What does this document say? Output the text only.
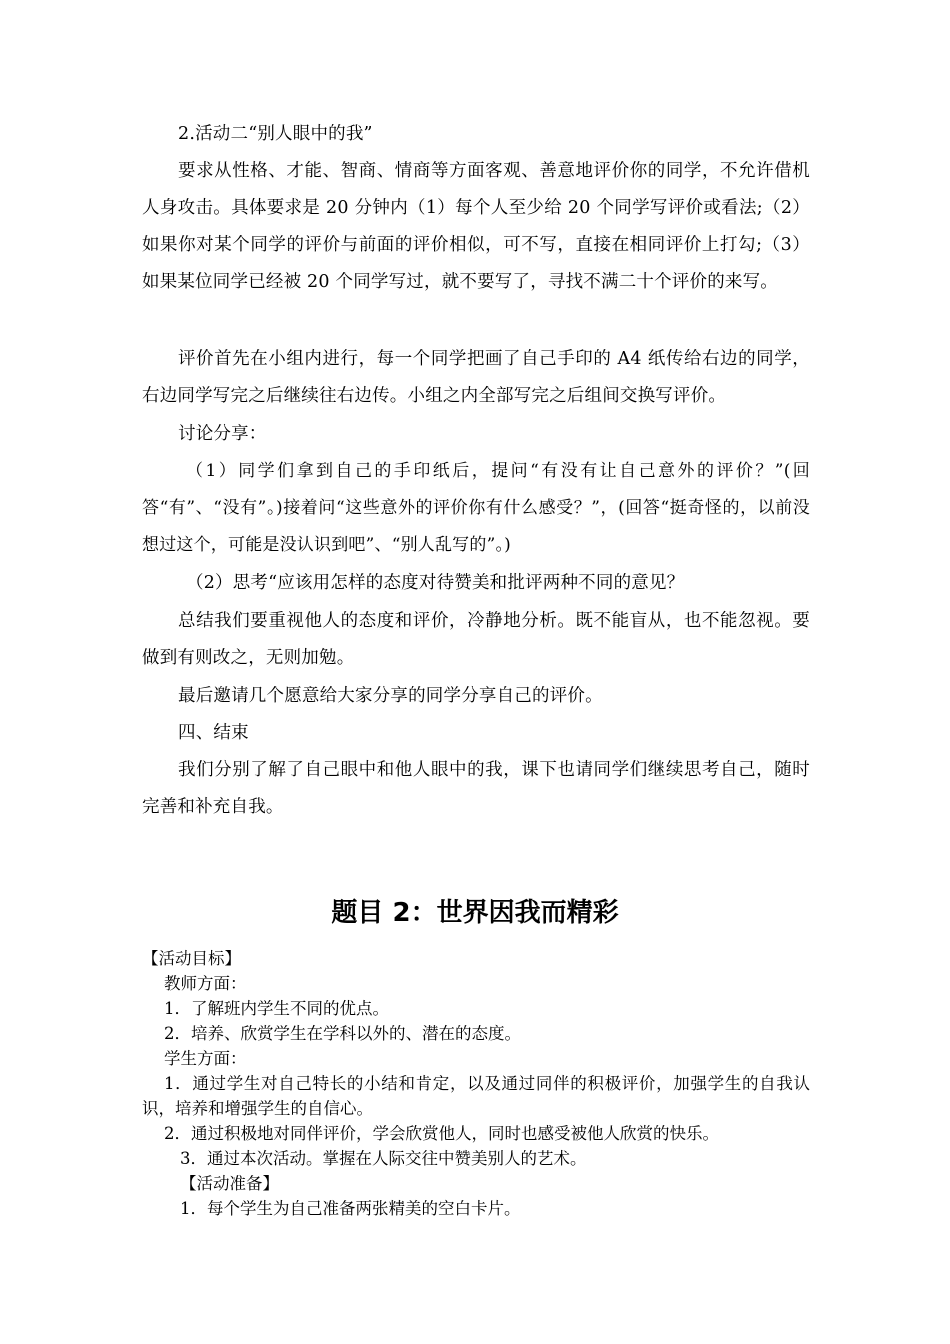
2.活动二“别人眼中的我”

要求从性格、才能、智商、情商等方面客观、善意地评价你的同学，不允许借机人身攻击。具体要求是 20 分钟内（1）每个人至少给 20 个同学写评价或看法;（2）如果你对某个同学的评价与前面的评价相似，可不写，直接在相同评价上打勾;（3）如果某位同学已经被 20 个同学写过，就不要写了，寻找不满二十个评价的来写。

评价首先在小组内进行，每一个同学把画了自己手印的 A4 纸传给右边的同学，右边同学写完之后继续往右边传。小组之内全部写完之后组间交换写评价。

讨论分享：

（1）同学们拿到自己的手印纸后，提问“有没有让自己意外的评价？”(回答“有”、“没有”。)接着问“这些意外的评价你有什么感受？”，(回答“挺奇怪的，以前没想过这个，可能是没认识到吧”、“别人乱写的”。)

（2）思考“应该用怎样的态度对待赞美和批评两种不同的意见？

总结我们要重视他人的态度和评价，冷静地分析。既不能盲从，也不能忽视。要做到有则改之，无则加勉。

最后邀请几个愿意给大家分享的同学分享自己的评价。

四、结束

我们分别了解了自己眼中和他人眼中的我，课下也请同学们继续思考自己，随时完善和补充自我。

题目 2：世界因我而精彩

【活动目标】

教师方面：

1．了解班内学生不同的优点。

2．培养、欣赏学生在学科以外的、潜在的态度。

学生方面：

1．通过学生对自己特长的小结和肯定，以及通过同伴的积极评价，加强学生的自我认识，培养和增强学生的自信心。

2．通过积极地对同伴评价，学会欣赏他人，同时也感受被他人欣赏的快乐。

3．通过本次活动。掌握在人际交往中赞美别人的艺术。

【活动准备】

1．每个学生为自己准备两张精美的空白卡片。
